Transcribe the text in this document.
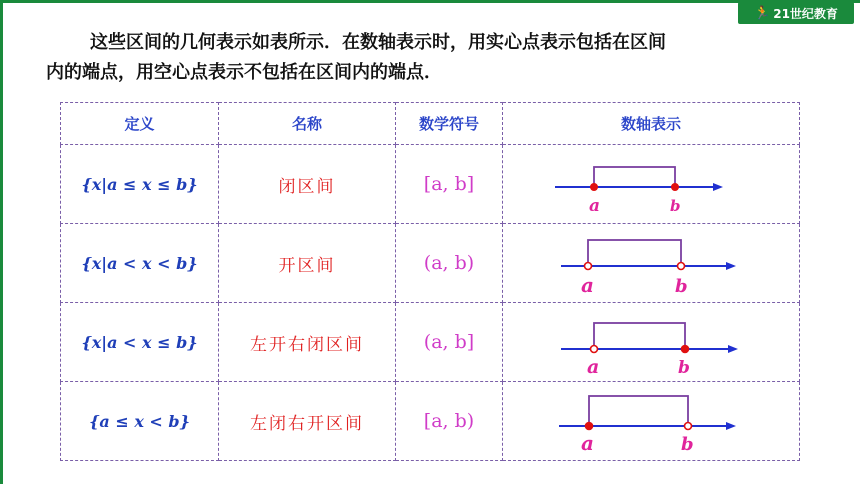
🏃 21世纪教育
这些区间的几何表示如表所示．在数轴表示时，用实心点表示包括在区间
内的端点，用空心点表示不包括在区间内的端点．
定义	名称	数学符号	数轴表示
{x|a ≤ x ≤ b}	闭区间	[a, b]	a b

{x|a < x < b}	开区间	(a, b)	a b

{x|a < x ≤ b}	左开右闭区间	(a, b]	a b

{a ≤ x < b}	左闭右开区间	[a, b)	a b
